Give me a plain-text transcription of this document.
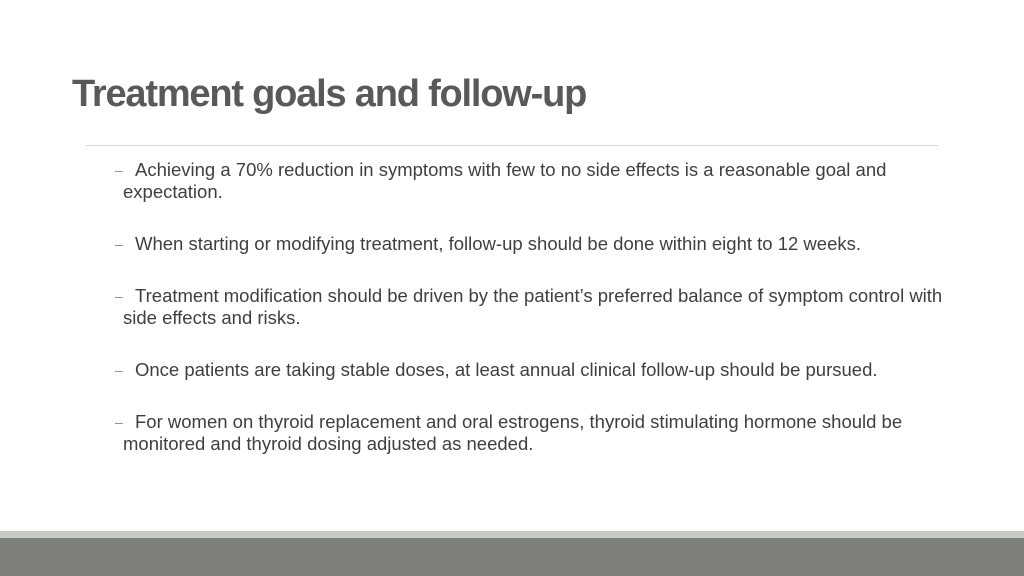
Treatment goals and follow-up
– Achieving a 70% reduction in symptoms with few to no side effects is a reasonable goal and expectation.
– When starting or modifying treatment, follow-up should be done within eight to 12 weeks.
– Treatment modification should be driven by the patient’s preferred balance of symptom control with side effects and risks.
– Once patients are taking stable doses, at least annual clinical follow-up should be pursued.
– For women on thyroid replacement and oral estrogens, thyroid stimulating hormone should be monitored and thyroid dosing adjusted as needed.
